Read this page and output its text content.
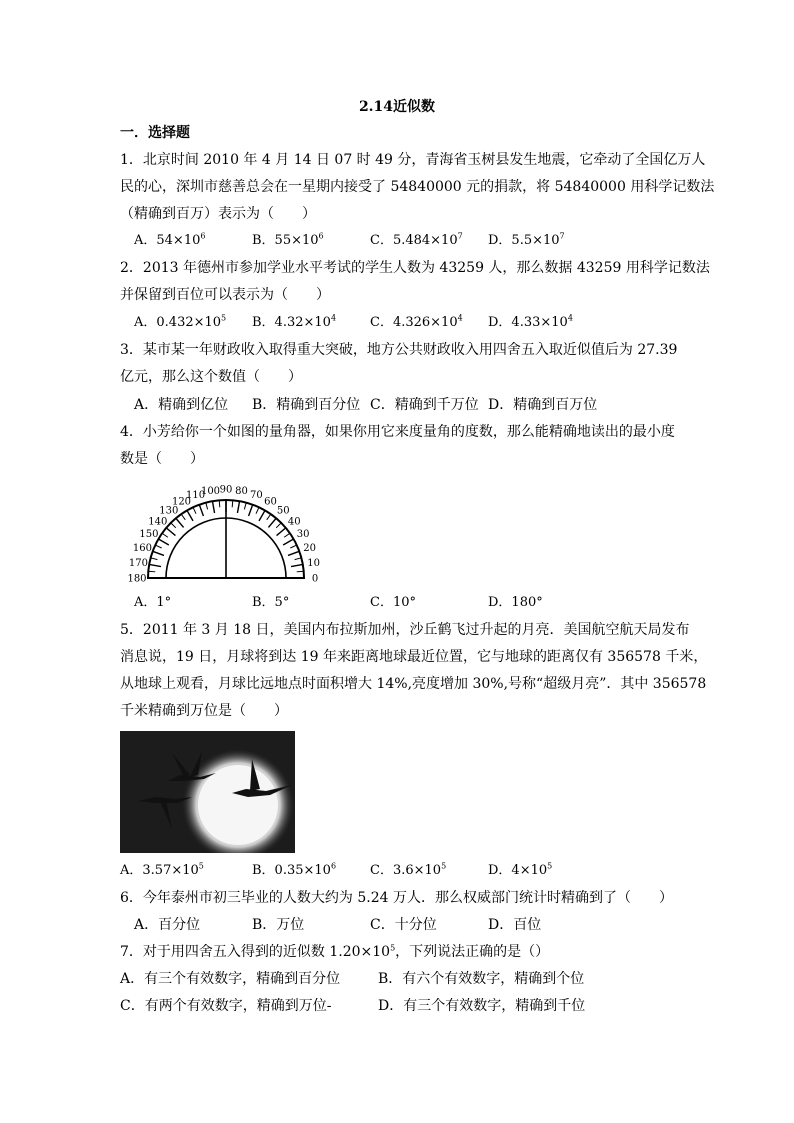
2.14近似数
一．选择题
1．北京时间 2010 年 4 月 14 日 07 时 49 分，青海省玉树县发生地震，它牵动了全国亿万人
民的心，深圳市慈善总会在一星期内接受了 54840000 元的捐款，将 54840000 用科学记数法
（精确到百万）表示为（　　）
A．$54\times 10^6$	B．$55\times 10^6$	C．$5.484\times 10^7$ D．$5.5\times 10^7$
2．2013 年德州市参加学业水平考试的学生人数为 43259 人，那么数据 43259 用科学记数法
并保留到百位可以表示为（　　）
A．$0.432\times 10^5$ B．$4.32\times 10^4$	C．$4.326\times 10^4$ D．$4.33\times 10^4$
3．某市某一年财政收入取得重大突破，地方公共财政收入用四舍五入取近似值后为 27.39
亿元，那么这个数值（　　）
A．精确到亿位 B．精确到百分位 C．精确到千万位 D．精确到百万位
4．小芳给你一个如图的量角器，如果你用它来度量角的度数，那么能精确地读出的最小度
数是（　　）
0
10
20
30
40
50
60
70
80
90
100
110
120
130
140
150
160
170
180
A．1°	B．5°	C．10°	D．180°
5．2011 年 3 月 18 日，美国内布拉斯加州，沙丘鹤飞过升起的月亮．美国航空航天局发布
消息说，19 日，月球将到达 19 年来距离地球最近位置，它与地球的距离仅有 356578 千米，
从地球上观看，月球比远地点时面积增大 14%,亮度增加 30%,号称“超级月亮”．其中 356578
千米精确到万位是（　　）
A．$3.57\times 10^5$	B．$0.35\times 10^6$	C．$3.6\times 10^5$	D．$4\times 10^5$
6．今年泰州市初三毕业的人数大约为 5.24 万人．那么权威部门统计时精确到了（　　）
A．百分位	B．万位	C．十分位	D．百位
7．对于用四舍五入得到的近似数 $1.20\times 10^5$，下列说法正确的是（）
A．有三个有效数字，精确到百分位	B．有六个有效数字，精确到个位
C．有两个有效数字，精确到万位-	D．有三个有效数字，精确到千位
